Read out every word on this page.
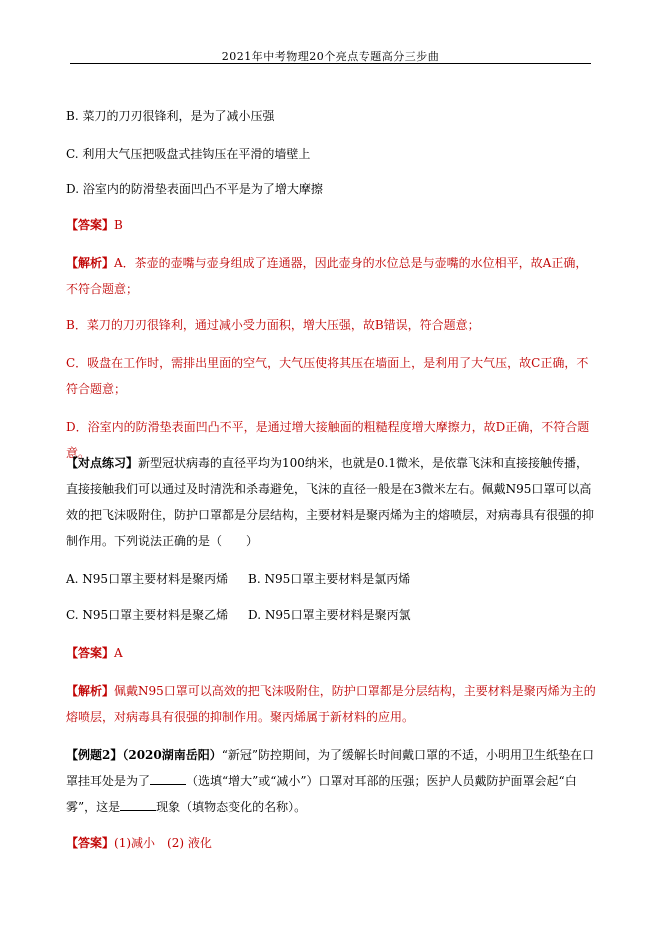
2021年中考物理20个亮点专题高分三步曲

B. 菜刀的刀刃很锋利，是为了减小压强

C. 利用大气压把吸盘式挂钩压在平滑的墙壁上

D. 浴室内的防滑垫表面凹凸不平是为了增大摩擦

【答案】B

【解析】A．茶壶的壶嘴与壶身组成了连通器，因此壶身的水位总是与壶嘴的水位相平，故A正确，不符合题意；

B．菜刀的刀刃很锋利，通过减小受力面积，增大压强，故B错误，符合题意；

C．吸盘在工作时，需排出里面的空气，大气压使将其压在墙面上，是利用了大气压，故C正确，不符合题意；

D．浴室内的防滑垫表面凹凸不平，是通过增大接触面的粗糙程度增大摩擦力，故D正确，不符合题意。

【对点练习】新型冠状病毒的直径平均为100纳米，也就是0.1微米，是依靠飞沫和直接接触传播，直接接触我们可以通过及时清洗和杀毒避免，飞沫的直径一般是在3微米左右。佩戴N95口罩可以高效的把飞沫吸附住，防护口罩都是分层结构，主要材料是聚丙烯为主的熔喷层，对病毒具有很强的抑制作用。下列说法正确的是（　　）

A. N95口罩主要材料是聚丙烯 B. N95口罩主要材料是氯丙烯
C. N95口罩主要材料是聚乙烯 D. N95口罩主要材料是聚丙氯

【答案】A

【解析】佩戴N95口罩可以高效的把飞沫吸附住，防护口罩都是分层结构，主要材料是聚丙烯为主的熔喷层，对病毒具有很强的抑制作用。聚丙烯属于新材料的应用。

【例题2】（2020湖南岳阳）“新冠”防控期间，为了缓解长时间戴口罩的不适，小明用卫生纸垫在口罩挂耳处是为了	（选填“增大”或“减小”）口罩对耳部的压强；医护人员戴防护面罩会起“白雾”，这是	现象（填物态变化的名称）。

【答案】(1)减小　(2) 液化
